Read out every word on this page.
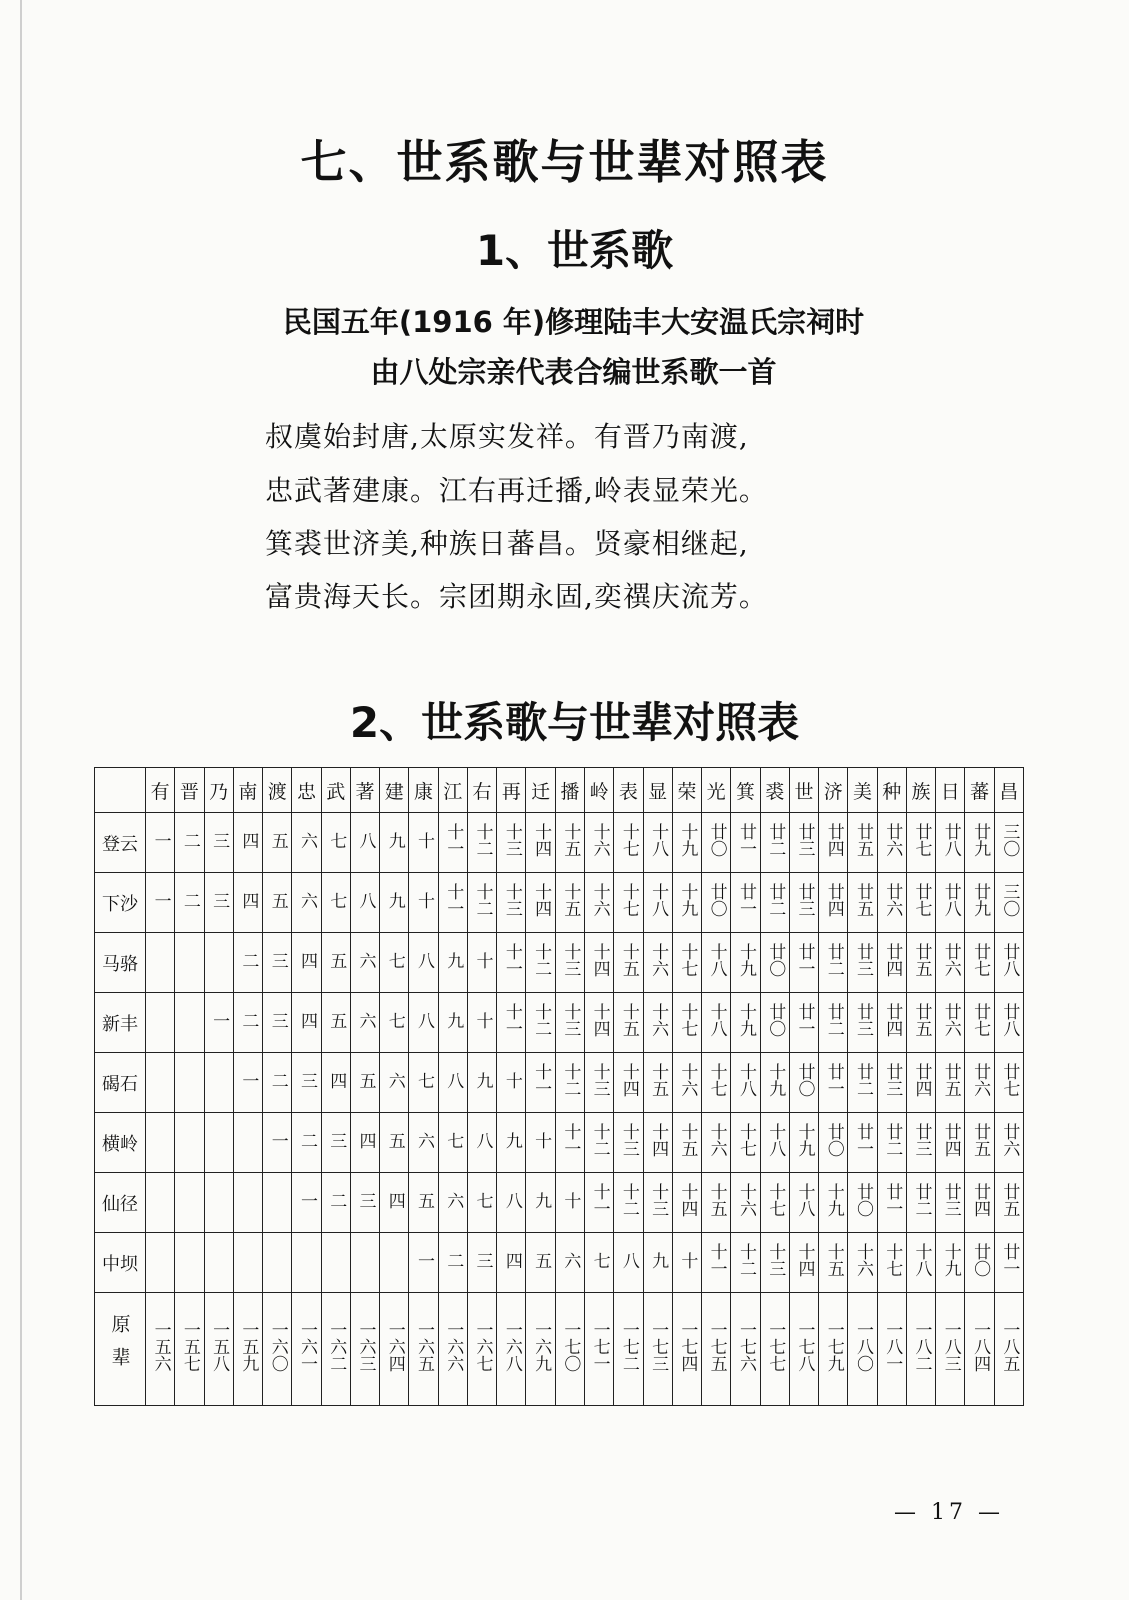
七、世系歌与世辈对照表
1、世系歌
民国五年(1916 年)修理陆丰大安温氏宗祠时
由八处宗亲代表合编世系歌一首
叔虞始封唐,太原实发祥。有晋乃南渡,
忠武著建康。江右再迁播,岭表显荣光。
箕裘世济美,种族日蕃昌。贤豪相继起,
富贵海天长。宗团期永固,奕禩庆流芳。
2、世系歌与世辈对照表
	有	晋	乃	南	渡	忠	武	著	建	康	江	右	再	迁	播	岭	表	显	荣	光	箕	裘	世	济	美	种	族	日	蕃	昌
登云	一	二	三	四	五	六	七	八	九	十	十一	十二	十三	十四	十五	十六	十七	十八	十九	廿〇	廿一	廿二	廿三	廿四	廿五	廿六	廿七	廿八	廿九	三〇
下沙	一	二	三	四	五	六	七	八	九	十	十一	十二	十三	十四	十五	十六	十七	十八	十九	廿〇	廿一	廿二	廿三	廿四	廿五	廿六	廿七	廿八	廿九	三〇
马骆				二	三	四	五	六	七	八	九	十	十一	十二	十三	十四	十五	十六	十七	十八	十九	廿〇	廿一	廿二	廿三	廿四	廿五	廿六	廿七	廿八
新丰			一	二	三	四	五	六	七	八	九	十	十一	十二	十三	十四	十五	十六	十七	十八	十九	廿〇	廿一	廿二	廿三	廿四	廿五	廿六	廿七	廿八
碣石				一	二	三	四	五	六	七	八	九	十	十一	十二	十三	十四	十五	十六	十七	十八	十九	廿〇	廿一	廿二	廿三	廿四	廿五	廿六	廿七
横岭					一	二	三	四	五	六	七	八	九	十	十一	十二	十三	十四	十五	十六	十七	十八	十九	廿〇	廿一	廿二	廿三	廿四	廿五	廿六
仙径						一	二	三	四	五	六	七	八	九	十	十一	十二	十三	十四	十五	十六	十七	十八	十九	廿〇	廿一	廿二	廿三	廿四	廿五
中坝										一	二	三	四	五	六	七	八	九	十	十一	十二	十三	十四	十五	十六	十七	十八	十九	廿〇	廿一
原辈	一五六	一五七	一五八	一五九	一六〇	一六一	一六二	一六三	一六四	一六五	一六六	一六七	一六八	一六九	一七〇	一七一	一七二	一七三	一七四	一七五	一七六	一七七	一七八	一七九	一八〇	一八一	一八二	一八三	一八四	一八五
— 17 —
